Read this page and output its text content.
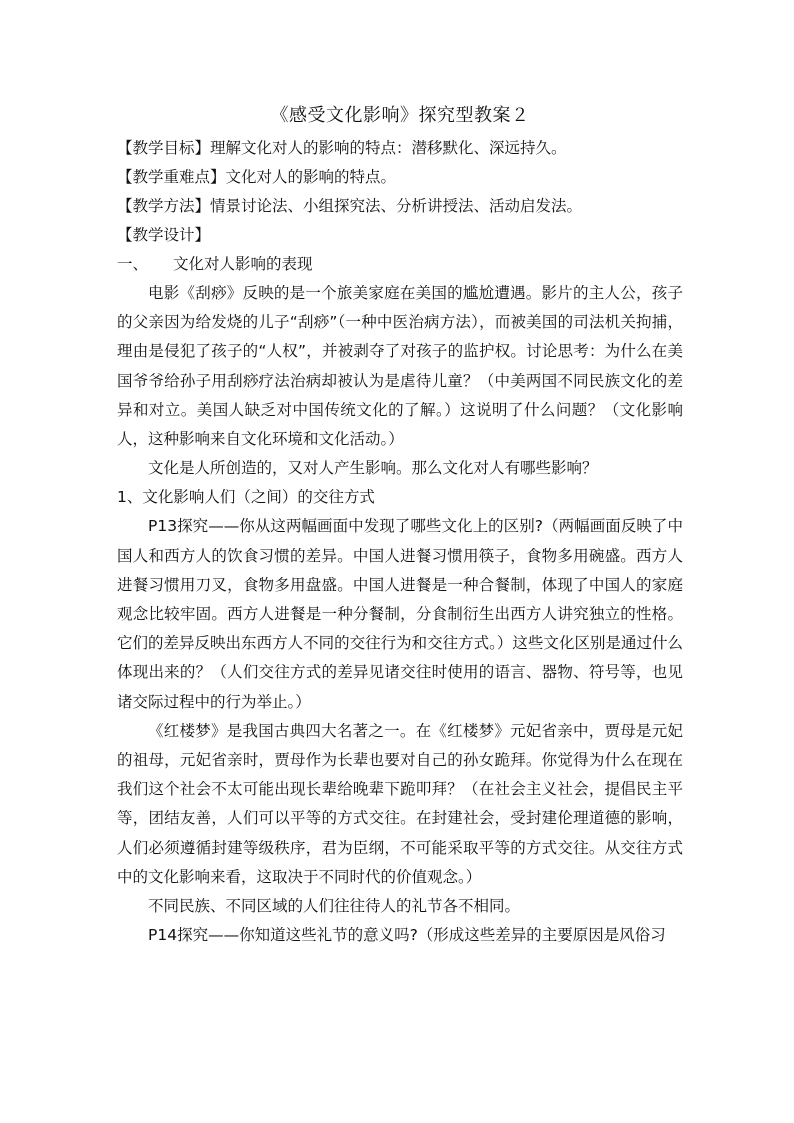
《感受文化影响》探究型教案２

【教学目标】理解文化对人的影响的特点：潜移默化、深远持久。

【教学重难点】文化对人的影响的特点。

【教学方法】情景讨论法、小组探究法、分析讲授法、活动启发法。

【教学设计】

一、 文化对人影响的表现

电影《刮痧》反映的是一个旅美家庭在美国的尴尬遭遇。影片的主人公，孩子的父亲因为给发烧的儿子“刮痧”（一种中医治病方法），而被美国的司法机关拘捕，理由是侵犯了孩子的“人权”，并被剥夺了对孩子的监护权。讨论思考：为什么在美国爷爷给孙子用刮痧疗法治病却被认为是虐待儿童？（中美两国不同民族文化的差异和对立。美国人缺乏对中国传统文化的了解。）这说明了什么问题？（文化影响人，这种影响来自文化环境和文化活动。）

文化是人所创造的，又对人产生影响。那么文化对人有哪些影响？

1、文化影响人们（之间）的交往方式

P13探究——你从这两幅画面中发现了哪些文化上的区别?（两幅画面反映了中国人和西方人的饮食习惯的差异。中国人进餐习惯用筷子，食物多用碗盛。西方人进餐习惯用刀叉，食物多用盘盛。中国人进餐是一种合餐制，体现了中国人的家庭观念比较牢固。西方人进餐是一种分餐制，分食制衍生出西方人讲究独立的性格。它们的差异反映出东西方人不同的交往行为和交往方式。）这些文化区别是通过什么体现出来的？（人们交往方式的差异见诸交往时使用的语言、器物、符号等，也见诸交际过程中的行为举止。）

《红楼梦》是我国古典四大名著之一。在《红楼梦》元妃省亲中，贾母是元妃的祖母，元妃省亲时，贾母作为长辈也要对自己的孙女跪拜。你觉得为什么在现在我们这个社会不太可能出现长辈给晚辈下跪叩拜？（在社会主义社会，提倡民主平等，团结友善，人们可以平等的方式交往。在封建社会，受封建伦理道德的影响，人们必须遵循封建等级秩序，君为臣纲，不可能采取平等的方式交往。从交往方式中的文化影响来看，这取决于不同时代的价值观念。）

不同民族、不同区域的人们往往待人的礼节各不相同。

P14探究——你知道这些礼节的意义吗?（形成这些差异的主要原因是风俗习
